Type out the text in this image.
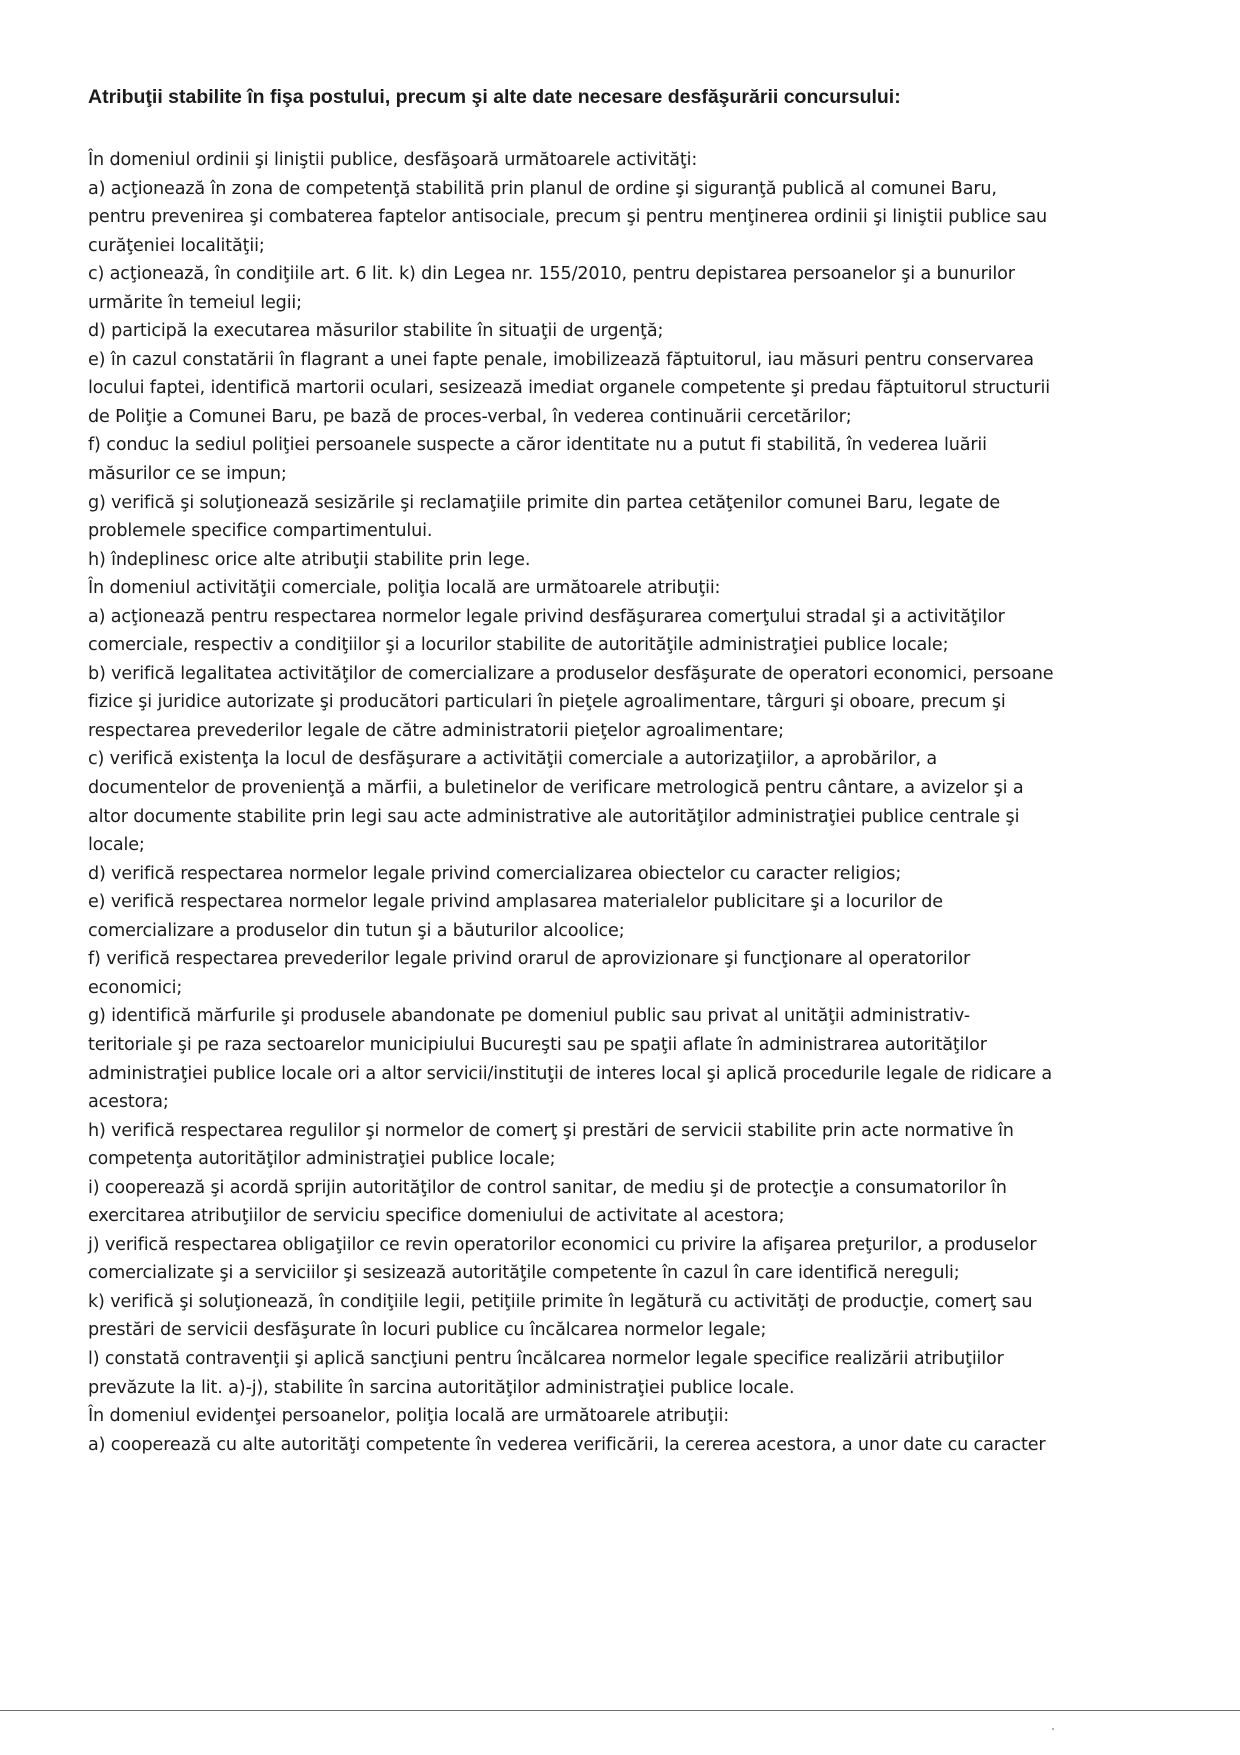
Atribuţii stabilite în fişa postului, precum şi alte date necesare desfăşurării concursului:
În domeniul ordinii şi liniştii publice, desfăşoară următoarele activităţi:
a) acţionează în zona de competenţă stabilită prin planul de ordine şi siguranţă publică al comunei Baru,
pentru prevenirea şi combaterea faptelor antisociale, precum şi pentru menţinerea ordinii şi liniştii publice sau
curăţeniei localităţii;
c) acţionează, în condiţiile art. 6 lit. k) din Legea nr. 155/2010, pentru depistarea persoanelor şi a bunurilor
urmărite în temeiul legii;
d) participă la executarea măsurilor stabilite în situaţii de urgenţă;
e) în cazul constatării în flagrant a unei fapte penale, imobilizează făptuitorul, iau măsuri pentru conservarea
locului faptei, identifică martorii oculari, sesizează imediat organele competente şi predau făptuitorul structurii
de Poliţie a Comunei Baru, pe bază de proces-verbal, în vederea continuării cercetărilor;
f) conduc la sediul poliţiei persoanele suspecte a căror identitate nu a putut fi stabilită, în vederea luării
măsurilor ce se impun;
g) verifică şi soluţionează sesizările şi reclamaţiile primite din partea cetăţenilor comunei Baru, legate de
problemele specifice compartimentului.
h) îndeplinesc orice alte atribuţii stabilite prin lege.
În domeniul activităţii comerciale, poliţia locală are următoarele atribuţii:
a) acţionează pentru respectarea normelor legale privind desfăşurarea comerţului stradal şi a activităţilor
comerciale, respectiv a condiţiilor şi a locurilor stabilite de autorităţile administraţiei publice locale;
b) verifică legalitatea activităţilor de comercializare a produselor desfăşurate de operatori economici, persoane
fizice şi juridice autorizate şi producători particulari în pieţele agroalimentare, târguri şi oboare, precum şi
respectarea prevederilor legale de către administratorii pieţelor agroalimentare;
c) verifică existenţa la locul de desfăşurare a activităţii comerciale a autorizaţiilor, a aprobărilor, a
documentelor de provenienţă a mărfii, a buletinelor de verificare metrologică pentru cântare, a avizelor şi a
altor documente stabilite prin legi sau acte administrative ale autorităţilor administraţiei publice centrale şi
locale;
d) verifică respectarea normelor legale privind comercializarea obiectelor cu caracter religios;
e) verifică respectarea normelor legale privind amplasarea materialelor publicitare şi a locurilor de
comercializare a produselor din tutun şi a băuturilor alcoolice;
f) verifică respectarea prevederilor legale privind orarul de aprovizionare şi funcţionare al operatorilor
economici;
g) identifică mărfurile şi produsele abandonate pe domeniul public sau privat al unităţii administrativ-
teritoriale şi pe raza sectoarelor municipiului Bucureşti sau pe spaţii aflate în administrarea autorităţilor
administraţiei publice locale ori a altor servicii/instituţii de interes local şi aplică procedurile legale de ridicare a
acestora;
h) verifică respectarea regulilor şi normelor de comerţ şi prestări de servicii stabilite prin acte normative în
competenţa autorităţilor administraţiei publice locale;
i) cooperează şi acordă sprijin autorităţilor de control sanitar, de mediu şi de protecţie a consumatorilor în
exercitarea atribuţiilor de serviciu specifice domeniului de activitate al acestora;
j) verifică respectarea obligaţiilor ce revin operatorilor economici cu privire la afişarea preţurilor, a produselor
comercializate şi a serviciilor şi sesizează autorităţile competente în cazul în care identifică nereguli;
k) verifică şi soluţionează, în condiţiile legii, petiţiile primite în legătură cu activităţi de producţie, comerţ sau
prestări de servicii desfăşurate în locuri publice cu încălcarea normelor legale;
l) constată contravenţii şi aplică sancţiuni pentru încălcarea normelor legale specifice realizării atribuţiilor
prevăzute la lit. a)-j), stabilite în sarcina autorităţilor administraţiei publice locale.
În domeniul evidenţei persoanelor, poliţia locală are următoarele atribuţii:
a) cooperează cu alte autorităţi competente în vederea verificării, la cererea acestora, a unor date cu caracter
